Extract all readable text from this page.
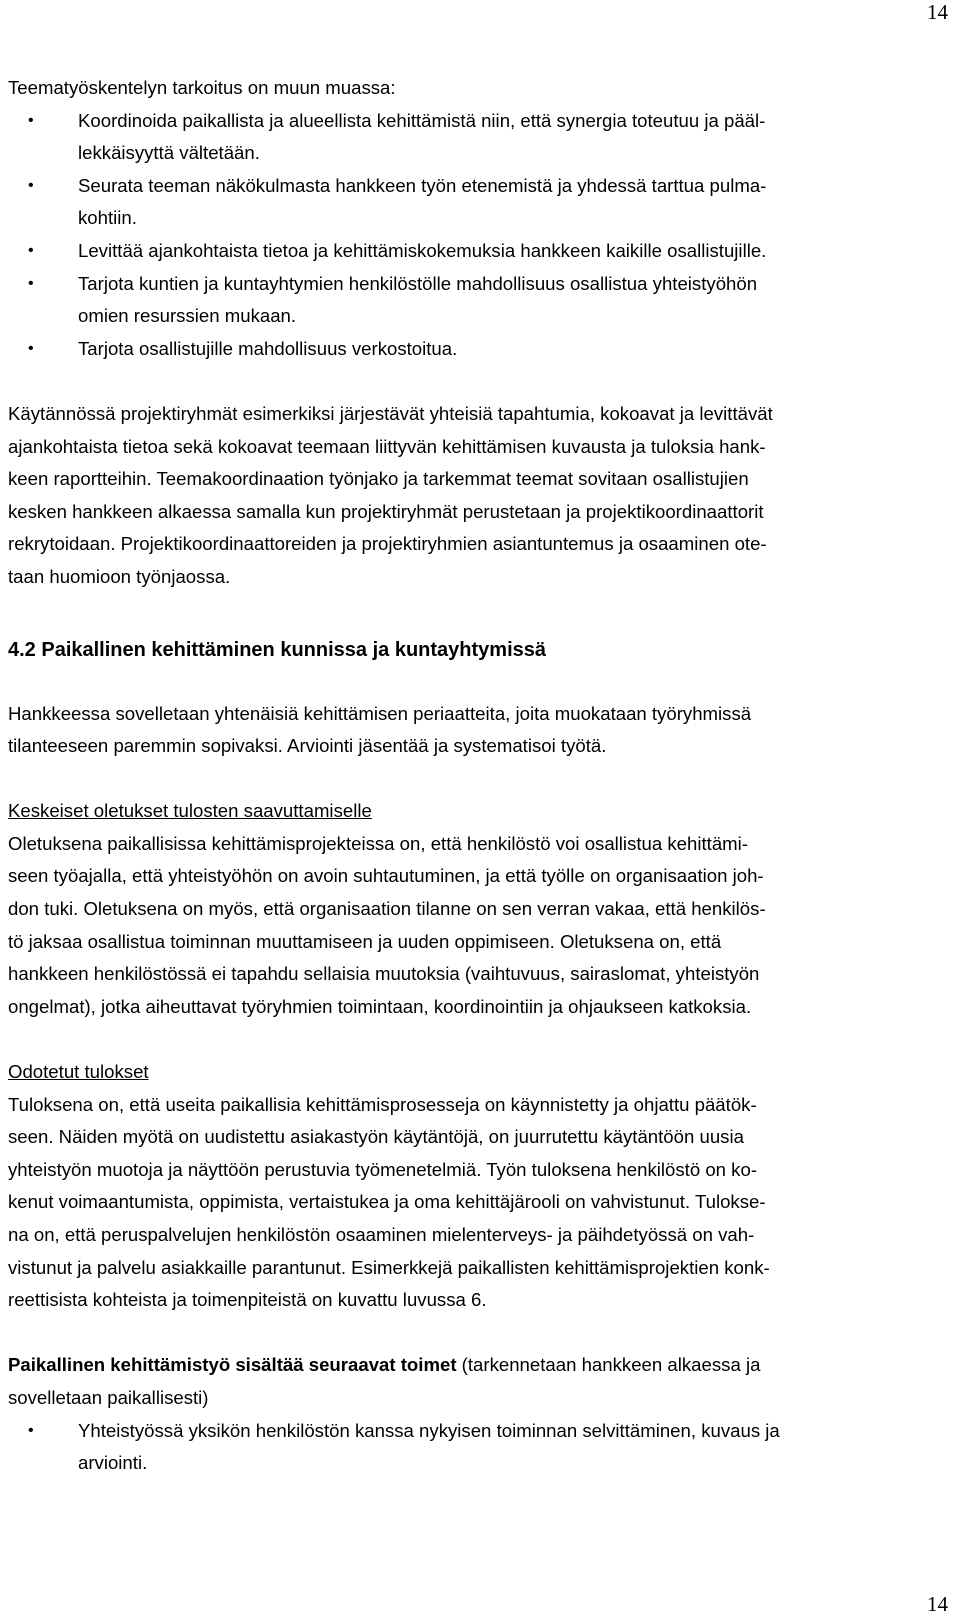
14
Teematyöskentelyn tarkoitus on muun muassa:
• Koordinoida paikallista ja alueellista kehittämistä niin, että synergia toteutuu ja pääl-
lekkäisyyttä vältetään.
• Seurata teeman näkökulmasta hankkeen työn etenemistä ja yhdessä tarttua pulma-
kohtiin.
• Levittää ajankohtaista tietoa ja kehittämiskokemuksia hankkeen kaikille osallistujille.
• Tarjota kuntien ja kuntayhtymien henkilöstölle mahdollisuus osallistua yhteistyöhön
omien resurssien mukaan.
• Tarjota osallistujille mahdollisuus verkostoitua.
Käytännössä projektiryhmät esimerkiksi järjestävät yhteisiä tapahtumia, kokoavat ja levittävät
ajankohtaista tietoa sekä kokoavat teemaan liittyvän kehittämisen kuvausta ja tuloksia hank-
keen raportteihin. Teemakoordinaation työnjako ja tarkemmat teemat sovitaan osallistujien
kesken hankkeen alkaessa samalla kun projektiryhmät perustetaan ja projektikoordinaattorit
rekrytoidaan. Projektikoordinaattoreiden ja projektiryhmien asiantuntemus ja osaaminen ote-
taan huomioon työnjaossa.
4.2 Paikallinen kehittäminen kunnissa ja kuntayhtymissä
Hankkeessa sovelletaan yhtenäisiä kehittämisen periaatteita, joita muokataan työryhmissä
tilanteeseen paremmin sopivaksi. Arviointi jäsentää ja systematisoi työtä.
Keskeiset oletukset tulosten saavuttamiselle
Oletuksena paikallisissa kehittämisprojekteissa on, että henkilöstö voi osallistua kehittämi-
seen työajalla, että yhteistyöhön on avoin suhtautuminen, ja että työlle on organisaation joh-
don tuki. Oletuksena on myös, että organisaation tilanne on sen verran vakaa, että henkilös-
tö jaksaa osallistua toiminnan muuttamiseen ja uuden oppimiseen. Oletuksena on, että
hankkeen henkilöstössä ei tapahdu sellaisia muutoksia (vaihtuvuus, sairaslomat, yhteistyön
ongelmat), jotka aiheuttavat työryhmien toimintaan, koordinointiin ja ohjaukseen katkoksia.
Odotetut tulokset
Tuloksena on, että useita paikallisia kehittämisprosesseja on käynnistetty ja ohjattu päätök-
seen. Näiden myötä on uudistettu asiakastyön käytäntöjä, on juurrutettu käytäntöön uusia
yhteistyön muotoja ja näyttöön perustuvia työmenetelmiä. Työn tuloksena henkilöstö on ko-
kenut voimaantumista, oppimista, vertaistukea ja oma kehittäjärooli on vahvistunut. Tulokse-
na on, että peruspalvelujen henkilöstön osaaminen mielenterveys- ja päihdetyössä on vah-
vistunut ja palvelu asiakkaille parantunut. Esimerkkejä paikallisten kehittämisprojektien konk-
reettisista kohteista ja toimenpiteistä on kuvattu luvussa 6.
Paikallinen kehittämistyö sisältää seuraavat toimet (tarkennetaan hankkeen alkaessa ja
sovelletaan paikallisesti)
• Yhteistyössä yksikön henkilöstön kanssa nykyisen toiminnan selvittäminen, kuvaus ja
arviointi.
14
